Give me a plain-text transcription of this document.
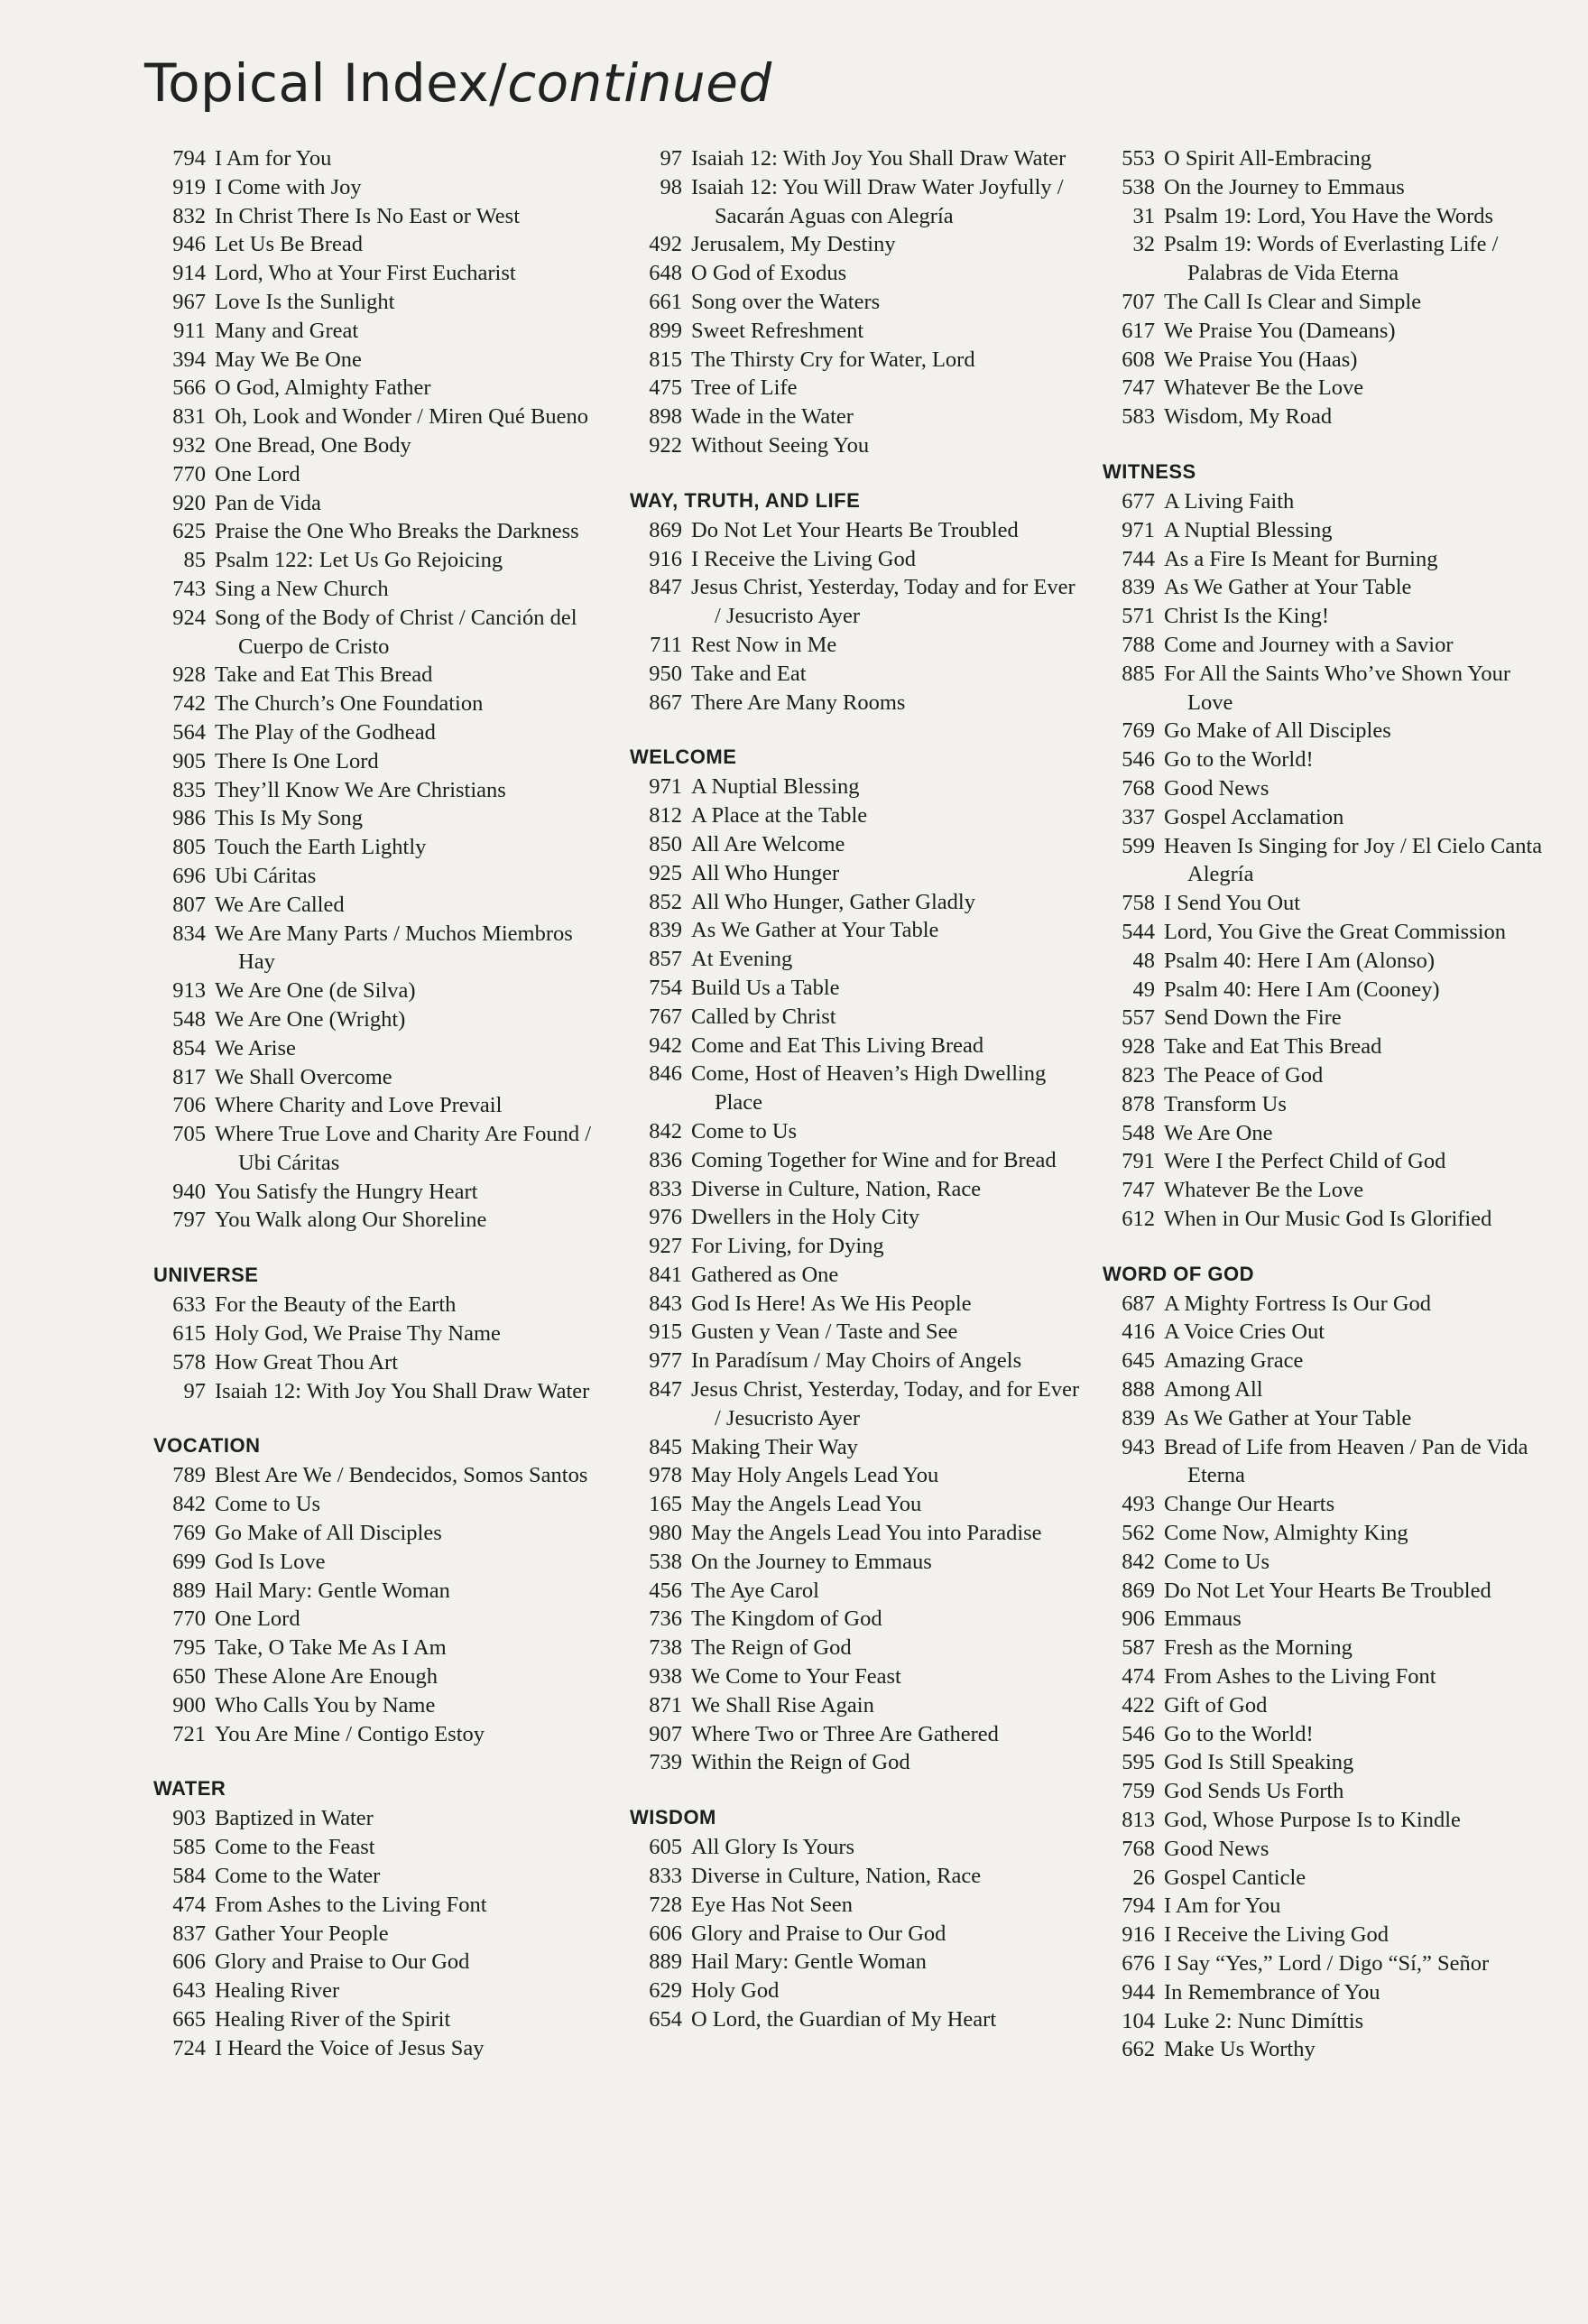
Topical Index/continued
794 I Am for You
919 I Come with Joy
832 In Christ There Is No East or West
946 Let Us Be Bread
914 Lord, Who at Your First Eucharist
967 Love Is the Sunlight
911 Many and Great
394 May We Be One
566 O God, Almighty Father
831 Oh, Look and Wonder / Miren Qué Bueno
932 One Bread, One Body
770 One Lord
920 Pan de Vida
625 Praise the One Who Breaks the Darkness
85 Psalm 122: Let Us Go Rejoicing
743 Sing a New Church
924 Song of the Body of Christ / Canción del Cuerpo de Cristo
928 Take and Eat This Bread
742 The Church’s One Foundation
564 The Play of the Godhead
905 There Is One Lord
835 They’ll Know We Are Christians
986 This Is My Song
805 Touch the Earth Lightly
696 Ubi Cáritas
807 We Are Called
834 We Are Many Parts / Muchos Miembros Hay
913 We Are One (de Silva)
548 We Are One (Wright)
854 We Arise
817 We Shall Overcome
706 Where Charity and Love Prevail
705 Where True Love and Charity Are Found / Ubi Cáritas
940 You Satisfy the Hungry Heart
797 You Walk along Our Shoreline
UNIVERSE
633 For the Beauty of the Earth
615 Holy God, We Praise Thy Name
578 How Great Thou Art
97 Isaiah 12: With Joy You Shall Draw Water
VOCATION
789 Blest Are We / Bendecidos, Somos Santos
842 Come to Us
769 Go Make of All Disciples
699 God Is Love
889 Hail Mary: Gentle Woman
770 One Lord
795 Take, O Take Me As I Am
650 These Alone Are Enough
900 Who Calls You by Name
721 You Are Mine / Contigo Estoy
WATER
903 Baptized in Water
585 Come to the Feast
584 Come to the Water
474 From Ashes to the Living Font
837 Gather Your People
606 Glory and Praise to Our God
643 Healing River
665 Healing River of the Spirit
724 I Heard the Voice of Jesus Say
97 Isaiah 12: With Joy You Shall Draw Water
98 Isaiah 12: You Will Draw Water Joyfully / Sacarán Aguas con Alegría
492 Jerusalem, My Destiny
648 O God of Exodus
661 Song over the Waters
899 Sweet Refreshment
815 The Thirsty Cry for Water, Lord
475 Tree of Life
898 Wade in the Water
922 Without Seeing You
WAY, TRUTH, AND LIFE
869 Do Not Let Your Hearts Be Troubled
916 I Receive the Living God
847 Jesus Christ, Yesterday, Today and for Ever / Jesucristo Ayer
711 Rest Now in Me
950 Take and Eat
867 There Are Many Rooms
WELCOME
971 A Nuptial Blessing
812 A Place at the Table
850 All Are Welcome
925 All Who Hunger
852 All Who Hunger, Gather Gladly
839 As We Gather at Your Table
857 At Evening
754 Build Us a Table
767 Called by Christ
942 Come and Eat This Living Bread
846 Come, Host of Heaven’s High Dwelling Place
842 Come to Us
836 Coming Together for Wine and for Bread
833 Diverse in Culture, Nation, Race
976 Dwellers in the Holy City
927 For Living, for Dying
841 Gathered as One
843 God Is Here! As We His People
915 Gusten y Vean / Taste and See
977 In Paradísum / May Choirs of Angels
847 Jesus Christ, Yesterday, Today, and for Ever / Jesucristo Ayer
845 Making Their Way
978 May Holy Angels Lead You
165 May the Angels Lead You
980 May the Angels Lead You into Paradise
538 On the Journey to Emmaus
456 The Aye Carol
736 The Kingdom of God
738 The Reign of God
938 We Come to Your Feast
871 We Shall Rise Again
907 Where Two or Three Are Gathered
739 Within the Reign of God
WISDOM
605 All Glory Is Yours
833 Diverse in Culture, Nation, Race
728 Eye Has Not Seen
606 Glory and Praise to Our God
889 Hail Mary: Gentle Woman
629 Holy God
654 O Lord, the Guardian of My Heart
553 O Spirit All-Embracing
538 On the Journey to Emmaus
31 Psalm 19: Lord, You Have the Words
32 Psalm 19: Words of Everlasting Life / Palabras de Vida Eterna
707 The Call Is Clear and Simple
617 We Praise You (Dameans)
608 We Praise You (Haas)
747 Whatever Be the Love
583 Wisdom, My Road
WITNESS
677 A Living Faith
971 A Nuptial Blessing
744 As a Fire Is Meant for Burning
839 As We Gather at Your Table
571 Christ Is the King!
788 Come and Journey with a Savior
885 For All the Saints Who’ve Shown Your Love
769 Go Make of All Disciples
546 Go to the World!
768 Good News
337 Gospel Acclamation
599 Heaven Is Singing for Joy / El Cielo Canta Alegría
758 I Send You Out
544 Lord, You Give the Great Commission
48 Psalm 40: Here I Am (Alonso)
49 Psalm 40: Here I Am (Cooney)
557 Send Down the Fire
928 Take and Eat This Bread
823 The Peace of God
878 Transform Us
548 We Are One
791 Were I the Perfect Child of God
747 Whatever Be the Love
612 When in Our Music God Is Glorified
WORD OF GOD
687 A Mighty Fortress Is Our God
416 A Voice Cries Out
645 Amazing Grace
888 Among All
839 As We Gather at Your Table
943 Bread of Life from Heaven / Pan de Vida Eterna
493 Change Our Hearts
562 Come Now, Almighty King
842 Come to Us
869 Do Not Let Your Hearts Be Troubled
906 Emmaus
587 Fresh as the Morning
474 From Ashes to the Living Font
422 Gift of God
546 Go to the World!
595 God Is Still Speaking
759 God Sends Us Forth
813 God, Whose Purpose Is to Kindle
768 Good News
26 Gospel Canticle
794 I Am for You
916 I Receive the Living God
676 I Say “Yes,” Lord / Digo “Sí,” Señor
944 In Remembrance of You
104 Luke 2: Nunc Dimíttis
662 Make Us Worthy
